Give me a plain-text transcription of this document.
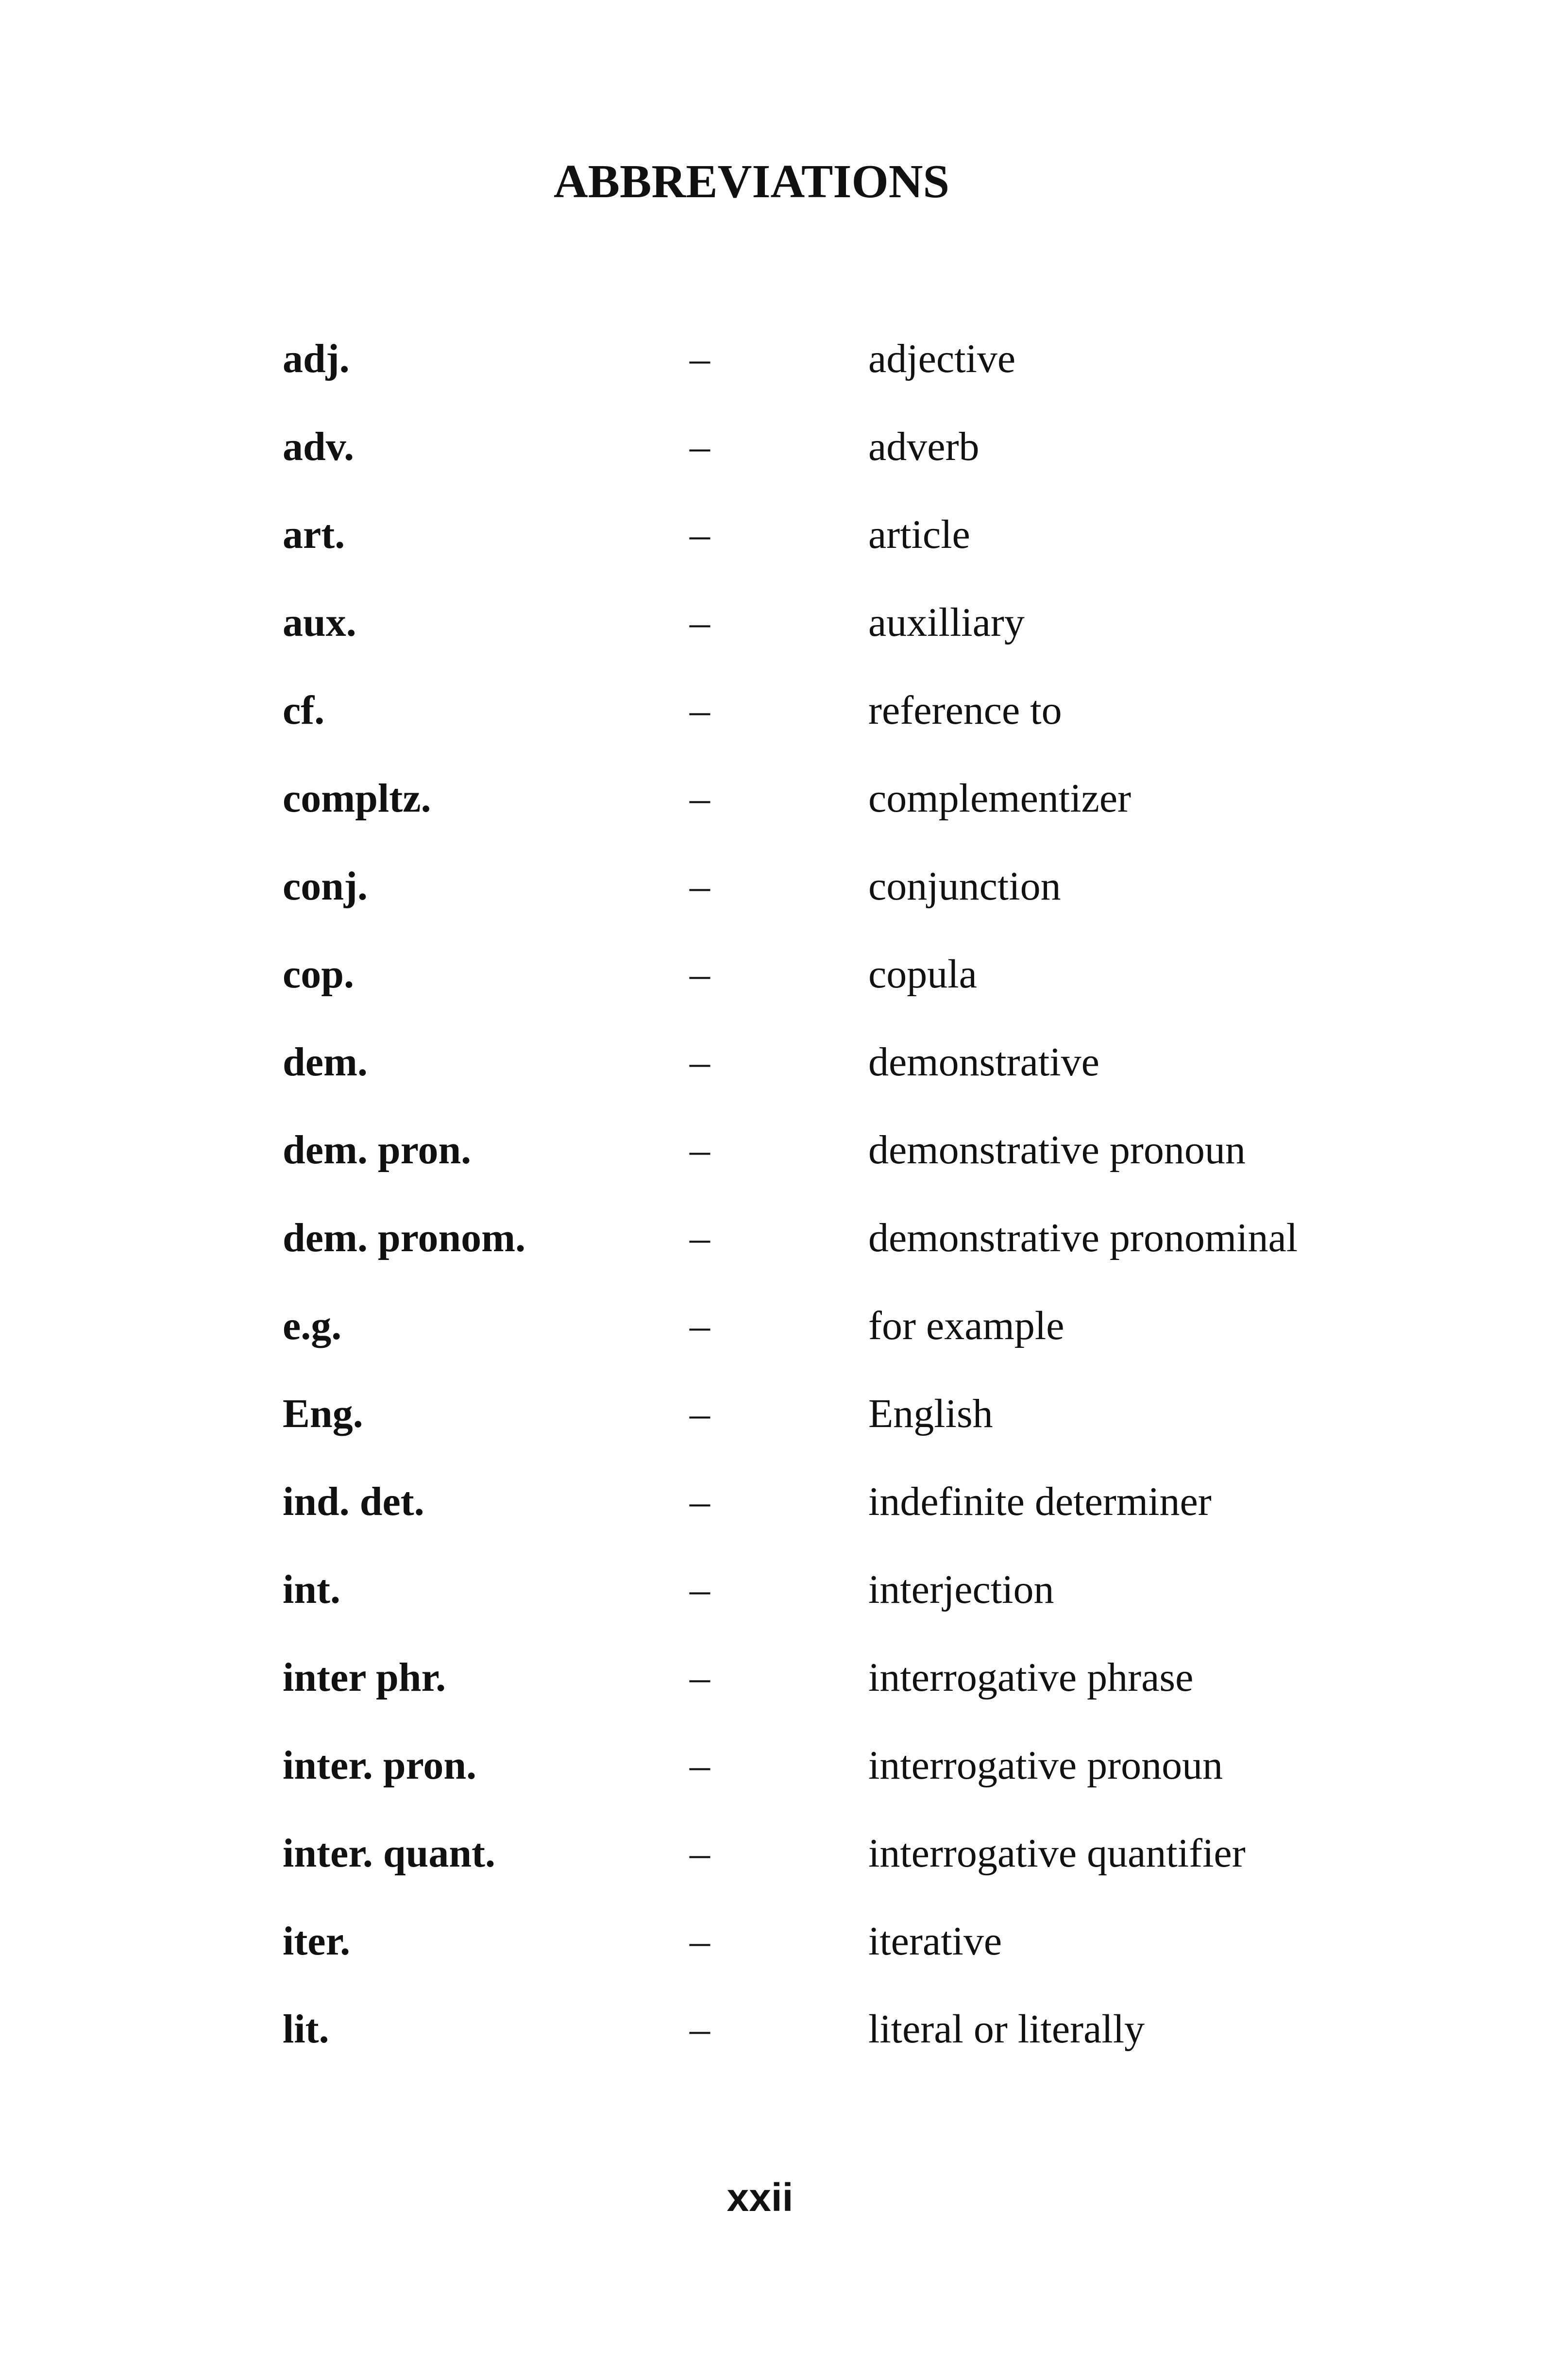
ABBREVIATIONS
adj.	–	adjective
adv.	–	adverb
art.	–	article
aux.	–	auxilliary
cf.	–	reference to
compltz.	–	complementizer
conj.	–	conjunction
cop.	–	copula
dem.	–	demonstrative
dem. pron.	–	demonstrative pronoun
dem. pronom.	–	demonstrative pronominal
e.g.	–	for example
Eng.	–	English
ind. det.	–	indefinite determiner
int.	–	interjection
inter phr.	–	interrogative phrase
inter. pron.	–	interrogative pronoun
inter. quant.	–	interrogative quantifier
iter.	–	iterative
lit.	–	literal or literally
xxii
